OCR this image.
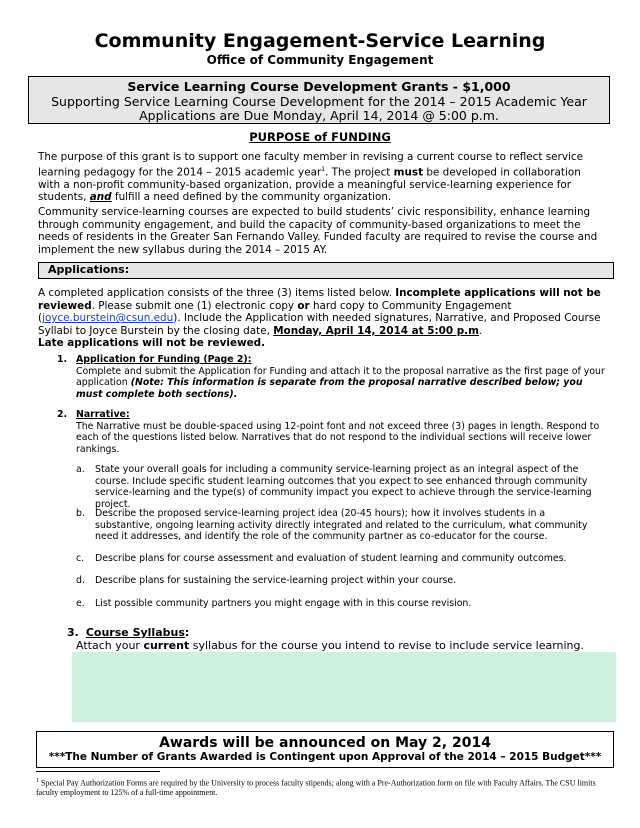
Community Engagement-Service Learning
Office of Community Engagement
Service Learning Course Development Grants - $1,000
Supporting Service Learning Course Development for the 2014 – 2015 Academic Year
Applications are Due Monday, April 14, 2014 @ 5:00 p.m.
PURPOSE of FUNDING
The purpose of this grant is to support one faculty member in revising a current course to reflect service learning pedagogy for the 2014 – 2015 academic year$^1$. The project must be developed in collaboration with a non-profit community-based organization, provide a meaningful service-learning experience for students, and fulfill a need defined by the community organization.
Community service-learning courses are expected to build students’ civic responsibility, enhance learning through community engagement, and build the capacity of community-based organizations to meet the needs of residents in the Greater San Fernando Valley. Funded faculty are required to revise the course and implement the new syllabus during the 2014 – 2015 AY.
Applications:
A completed application consists of the three (3) items listed below. Incomplete applications will not be reviewed. Please submit one (1) electronic copy or hard copy to Community Engagement (joyce.burstein@csun.edu). Include the Application with needed signatures, Narrative, and Proposed Course Syllabi to Joyce Burstein by the closing date, Monday, April 14, 2014 at 5:00 p.m.
Late applications will not be reviewed.
1. Application for Funding (Page 2):
Complete and submit the Application for Funding and attach it to the proposal narrative as the first page of your application (Note: This information is separate from the proposal narrative described below; you must complete both sections).
2. Narrative:
The Narrative must be double-spaced using 12-point font and not exceed three (3) pages in length. Respond to each of the questions listed below. Narratives that do not respond to the individual sections will receive lower rankings.
a.	State your overall goals for including a community service-learning project as an integral aspect of the course. Include specific student learning outcomes that you expect to see enhanced through community service-learning and the type(s) of community impact you expect to achieve through the service-learning project.
b.	Describe the proposed service-learning project idea (20-45 hours); how it involves students in a substantive, ongoing learning activity directly integrated and related to the curriculum, what community need it addresses, and identify the role of the community partner as co-educator for the course.
c.	Describe plans for course assessment and evaluation of student learning and community outcomes.
d.	Describe plans for sustaining the service-learning project within your course.
e.	List possible community partners you might engage with in this course revision.
3. Course Syllabus:
Attach your current syllabus for the course you intend to revise to include service learning.
Awards will be announced on May 2, 2014
***The Number of Grants Awarded is Contingent upon Approval of the 2014 – 2015 Budget***
$^1$ Special Pay Authorization Forms are required by the University to process faculty stipends; along with a Pre-Authorization form on file with Faculty Affairs. The CSU limits faculty employment to 125% of a full-time appointment.
